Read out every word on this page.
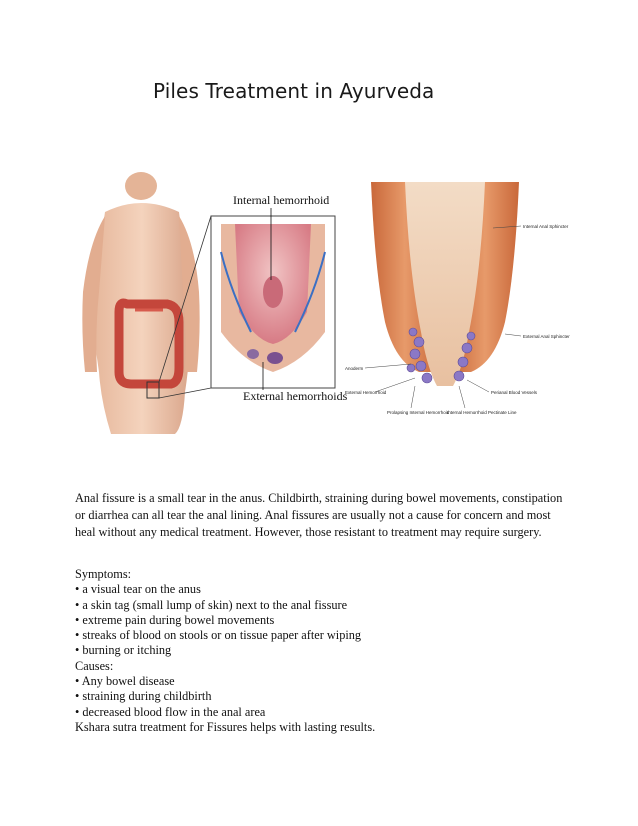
Piles Treatment in Ayurveda
Internal hemorrhoid
External hemorrhoids
Internal Anal Sphincter
External Anal Sphincter
Anoderm
External Hemorrhoid	Perianal Blood Vessels
Prolapsing Internal Hemorrhoid
Internal Hemorrhoid Pectinate Line
Anal fissure is a small tear in the anus. Childbirth, straining during bowel movements, constipation or diarrhea can all tear the anal lining. Anal fissures are usually not a cause for concern and most heal without any medical treatment. However, those resistant to treatment may require surgery.
Symptoms:
• a visual tear on the anus
• a skin tag (small lump of skin) next to the anal fissure
• extreme pain during bowel movements
• streaks of blood on stools or on tissue paper after wiping
• burning or itching
Causes:
• Any bowel disease
• straining during childbirth
• decreased blood flow in the anal area
Kshara sutra treatment for Fissures helps with lasting results.
